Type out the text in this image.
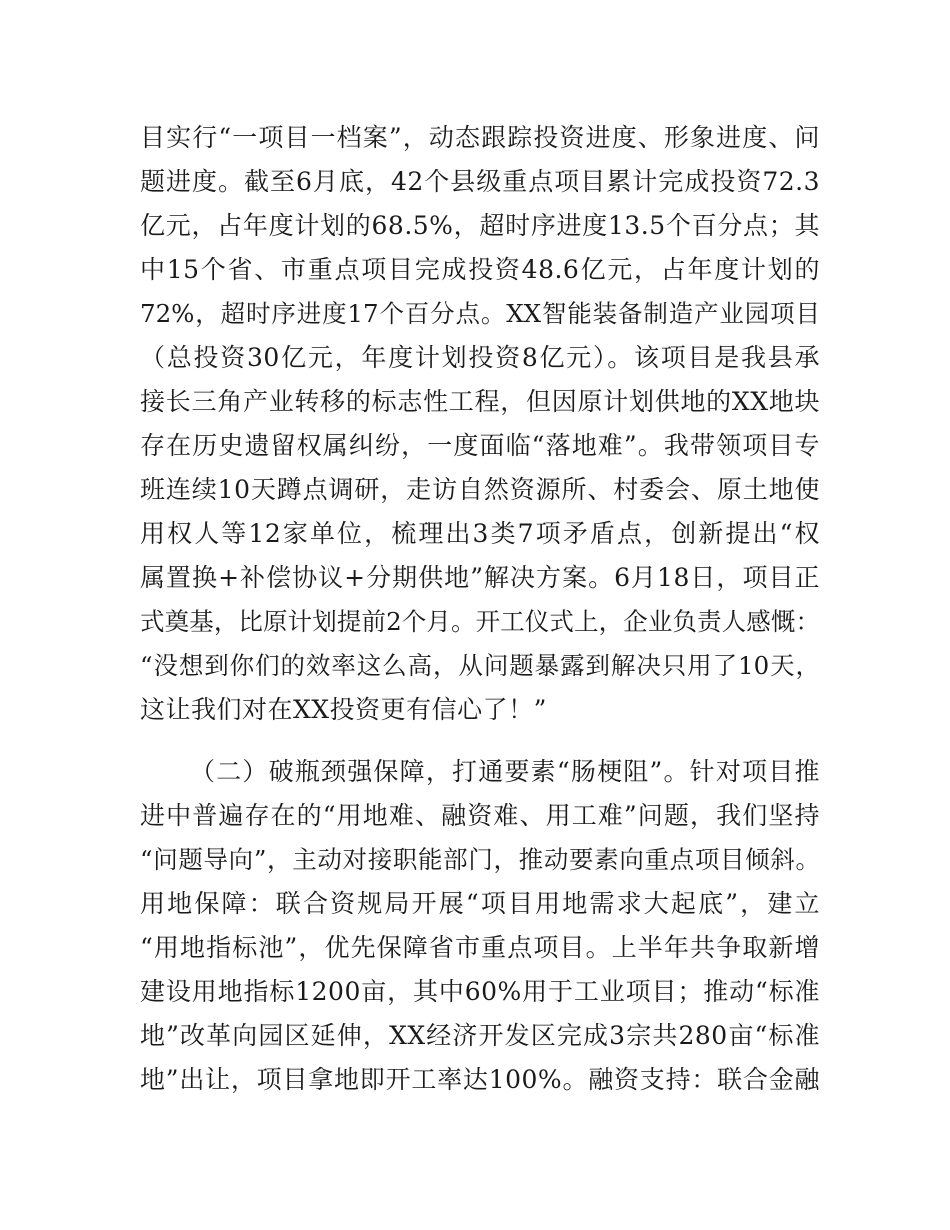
目实行“一项目一档案”，动态跟踪投资进度、形象进度、问
题进度。截至6月底，42个县级重点项目累计完成投资72.3
亿元，占年度计划的68.5%，超时序进度13.5个百分点；其
中15个省、市重点项目完成投资48.6亿元，占年度计划的
72%，超时序进度17个百分点。XX智能装备制造产业园项目
（总投资30亿元，年度计划投资8亿元）。该项目是我县承
接长三角产业转移的标志性工程，但因原计划供地的XX地块
存在历史遗留权属纠纷，一度面临“落地难”。我带领项目专
班连续10天蹲点调研，走访自然资源所、村委会、原土地使
用权人等12家单位，梳理出3类7项矛盾点，创新提出“权
属置换+补偿协议+分期供地”解决方案。6月18日，项目正
式奠基，比原计划提前2个月。开工仪式上，企业负责人感慨：
“没想到你们的效率这么高，从问题暴露到解决只用了10天，
这让我们对在XX投资更有信心了！”
（二）破瓶颈强保障，打通要素“肠梗阻”。针对项目推
进中普遍存在的“用地难、融资难、用工难”问题，我们坚持
“问题导向”，主动对接职能部门，推动要素向重点项目倾斜。
用地保障：联合资规局开展“项目用地需求大起底”，建立
“用地指标池”，优先保障省市重点项目。上半年共争取新增
建设用地指标1200亩，其中60%用于工业项目；推动“标准
地”改革向园区延伸，XX经济开发区完成3宗共280亩“标准
地”出让，项目拿地即开工率达100%。融资支持：联合金融
